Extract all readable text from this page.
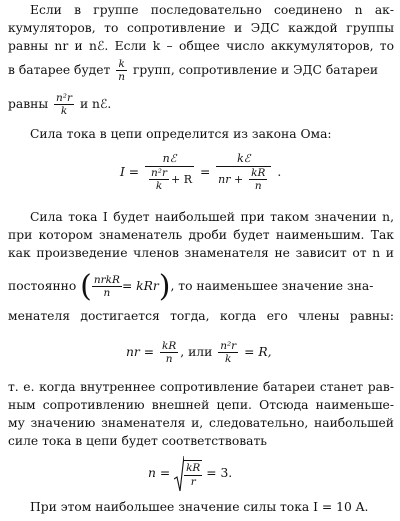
Если в группе последовательно соединено n ак-
кумуляторов, то сопротивление и ЭДС каждой группы
равны nr и nℰ. Если k – общее число аккумуляторов, то
в батарее будет $\frac{k}{n}$ групп, сопротивление и ЭДС батареи
равны $\frac{\text{n²r}}{k}$ и nℰ.
Сила тока в цепи определится из закона Ома:
$I = \frac{\text{nℰ}}{\frac{\text{n²r}}{k} + R} = \frac{\text{kℰ}}{nr + \frac{kR}{n}}$ .
Сила тока I будет наибольшей при таком значении n,
при котором знаменатель дроби будет наименьшим. Так
как произведение членов знаменателя не зависит от n и
постоянно ( $\frac{\text{nrkR}}{n} = kRr$), то наименьшее значение зна-
менателя достигается тогда, когда его члены равны:
nr = $\frac{kR}{n}$ , или $\frac{\text{n²r}}{k} = R$,
т. е. когда внутреннее сопротивление батареи станет рав-
ным сопротивлению внешней цепи. Отсюда наименьше-
му значению знаменателя и, следовательно, наибольшей
силе тока в цепи будет соответствовать
$n = \frac{kR}{r} = 3$.
При этом наибольшее значение силы тока I = 10 A.
